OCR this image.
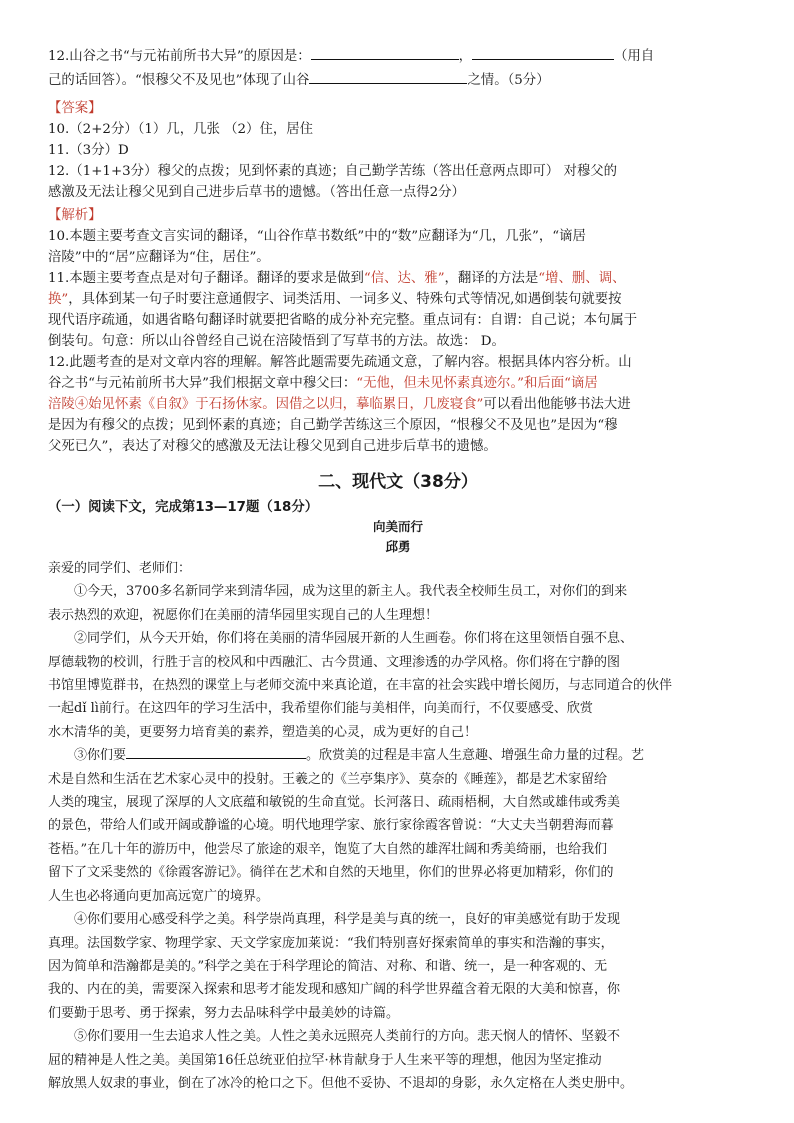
12.山谷之书“与元祐前所书大异”的原因是：	，	（用自

己的话回答）。“恨穆父不及见也”体现了山谷	之情。（5分）

【答案】

10.（2+2分）（1）几，几张 （2）住，居住

11.（3分）D

12.（1+1+3分）穆父的点拨；见到怀素的真迹；自己勤学苦练（答出任意两点即可） 对穆父的

感激及无法让穆父见到自己进步后草书的遗憾。（答出任意一点得2分）

【解析】

10.本题主要考查文言实词的翻译，“山谷作草书数纸”中的“数”应翻译为“几，几张”，“谪居

涪陵”中的“居”应翻译为“住，居住”。

11.本题主要考查点是对句子翻译。翻译的要求是做到“信、达、雅”，翻译的方法是“增、删、调、

换”，具体到某一句子时要注意通假字、词类活用、一词多义、特殊句式等情况,如遇倒装句就要按

现代语序疏通，如遇省略句翻译时就要把省略的成分补充完整。重点词有：自谓：自己说；本句属于

倒装句。句意：所以山谷曾经自己说在涪陵悟到了写草书的方法。故选： D。

12.此题考查的是对文章内容的理解。解答此题需要先疏通文意，了解内容。根据具体内容分析。山

谷之书“与元祐前所书大异”我们根据文章中穆父曰：“无他，但未见怀素真迹尔。”和后面“谪居

涪陵④始见怀素《自叙》于石扬休家。因借之以归，摹临累日，几废寝食”可以看出他能够书法大进

是因为有穆父的点拨；见到怀素的真迹；自己勤学苦练这三个原因，“恨穆父不及见也”是因为“穆

父死已久”，表达了对穆父的感激及无法让穆父见到自己进步后草书的遗憾。

二、现代文（38分）
（一）阅读下文，完成第13—17题（18分）

向美而行

邱勇

亲爱的同学们、老师们：

①今天，3700多名新同学来到清华园，成为这里的新主人。我代表全校师生员工，对你们的到来

表示热烈的欢迎，祝愿你们在美丽的清华园里实现自己的人生理想！

②同学们，从今天开始，你们将在美丽的清华园展开新的人生画卷。你们将在这里领悟自强不息、

厚德载物的校训，行胜于言的校风和中西融汇、古今贯通、文理渗透的办学风格。你们将在宁静的图

书馆里博览群书，在热烈的课堂上与老师交流中来真论道，在丰富的社会实践中增长阅历，与志同道合的伙伴

一起dǐ lì前行。在这四年的学习生活中，我希望你们能与美相伴，向美而行，不仅要感受、欣赏

水木清华的美，更要努力培育美的素养，塑造美的心灵，成为更好的自己！

③你们要	。欣赏美的过程是丰富人生意趣、增强生命力量的过程。艺

术是自然和生活在艺术家心灵中的投射。王羲之的《兰亭集序》、莫奈的《睡莲》，都是艺术家留给

人类的瑰宝，展现了深厚的人文底蕴和敏锐的生命直觉。长河落日、疏雨梧桐，大自然或雄伟或秀美

的景色，带给人们或开阔或静谧的心境。明代地理学家、旅行家徐霞客曾说：“大丈夫当朝碧海而暮

苍梧。”在几十年的游历中，他尝尽了旅途的艰辛，饱览了大自然的雄浑壮阔和秀美绮丽，也给我们

留下了文采斐然的《徐霞客游记》。徜徉在艺术和自然的天地里，你们的世界必将更加精彩，你们的

人生也必将通向更加高远宽广的境界。

④你们要用心感受科学之美。科学崇尚真理，科学是美与真的统一，良好的审美感觉有助于发现

真理。法国数学家、物理学家、天文学家庞加莱说：“我们特别喜好探索简单的事实和浩瀚的事实，

因为简单和浩瀚都是美的。”科学之美在于科学理论的简洁、对称、和谐、统一，是一种客观的、无

我的、内在的美，需要深入探索和思考才能发现和感知广阔的科学世界蕴含着无限的大美和惊喜，你

们要勤于思考、勇于探索，努力去品味科学中最美妙的诗篇。

⑤你们要用一生去追求人性之美。人性之美永远照亮人类前行的方向。悲天悯人的情怀、坚毅不

屈的精神是人性之美。美国第16任总统亚伯拉罕·林肯献身于人生来平等的理想，他因为坚定推动

解放黑人奴隶的事业，倒在了冰冷的枪口之下。但他不妥协、不退却的身影，永久定格在人类史册中。
